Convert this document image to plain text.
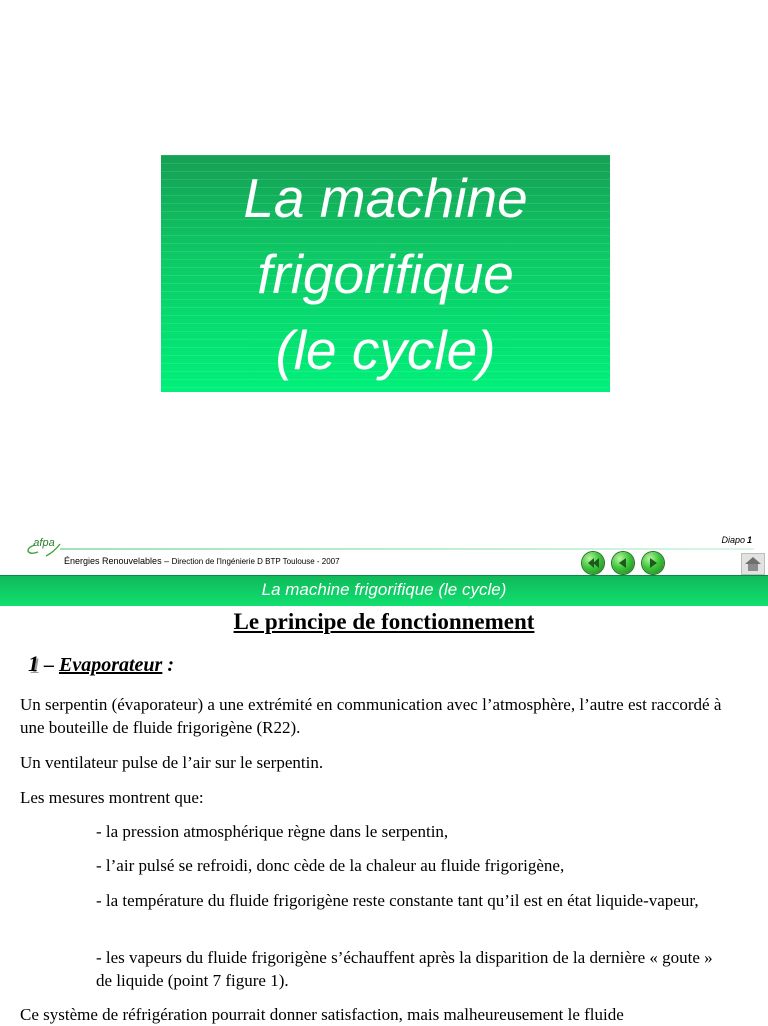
La machine
frigorifique
(le cycle)
afpa	Diapo 1
Énergies Renouvelables – Direction de l'Ingénierie D BTP Toulouse - 2007
La machine frigorifique (le cycle)
Le principe de fonctionnement
1 – Evaporateur :

Un serpentin (évaporateur) a une extrémité en communication avec l’atmosphère, l’autre est raccordé à une bouteille de fluide frigorigène (R22).

Un ventilateur pulse de l’air sur le serpentin.

Les mesures montrent que:

- la pression atmosphérique règne dans le serpentin,

- l’air pulsé se refroidi, donc cède de la chaleur au fluide frigorigène,

- la température du fluide frigorigène reste constante tant qu’il est en état liquide-vapeur,

- les vapeurs du fluide frigorigène s’échauffent après la disparition de la dernière « goute » de liquide (point 7 figure 1).

Ce système de réfrigération pourrait donner satisfaction, mais malheureusement le fluide
